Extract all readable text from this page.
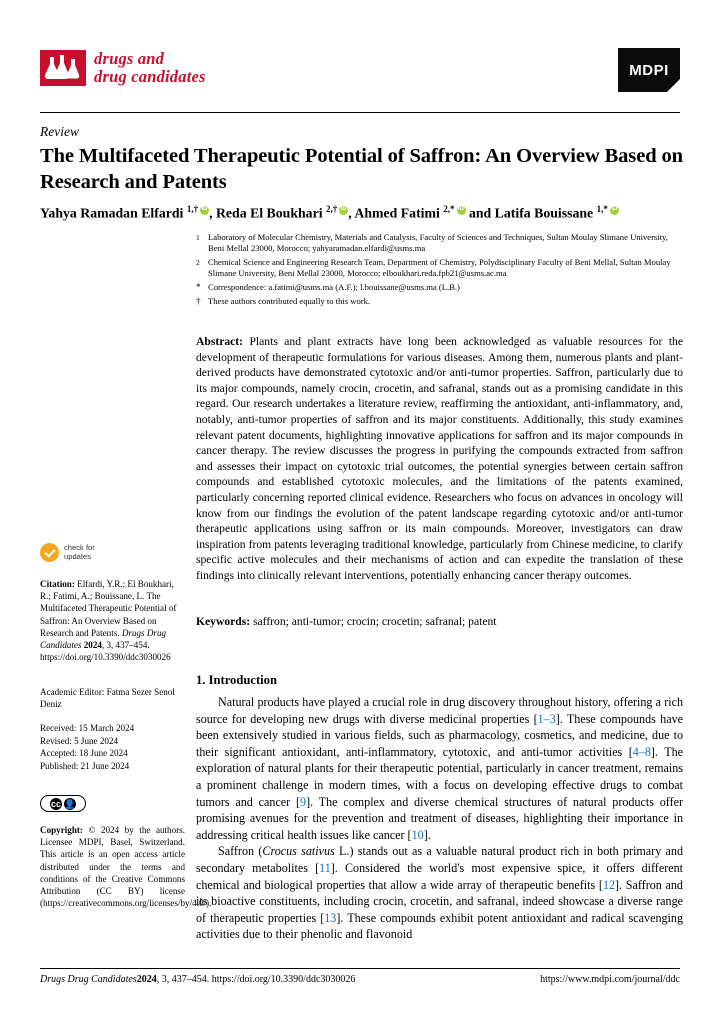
drugs and
drug candidates	MDPI
Review
The Multifaceted Therapeutic Potential of Saffron: An Overview Based on Research and Patents
Yahya Ramadan Elfardi $^{1,\dagger}$ iD , Reda El Boukhari $^{2,\dagger}$ iD , Ahmed Fatimi $^{2,*}$iD and Latifa Bouissane $^{1,*}$iD
1 Laboratory of Molecular Chemistry, Materials and Catalysis, Faculty of Sciences and Techniques, Sultan Moulay Slimane University, Beni Mellal 23000, Morocco; yahyaramadan.elfardi@usms.ma
2 Chemical Science and Engineering Research Team, Department of Chemistry, Polydisciplinary Faculty of Beni Mellal, Sultan Moulay Slimane University, Beni Mellal 23000, Morocco; elboukhari.reda.fpb21@usms.ac.ma
* Correspondence: a.fatimi@usms.ma (A.F.); l.bouissane@usms.ma (L.B.)
† These authors contributed equally to this work.
Abstract: Plants and plant extracts have long been acknowledged as valuable resources for the development of therapeutic formulations for various diseases. Among them, numerous plants and plant-derived products have demonstrated cytotoxic and/or anti-tumor properties. Saffron, particularly due to its major compounds, namely crocin, crocetin, and safranal, stands out as a promising candidate in this regard. Our research undertakes a literature review, reaffirming the antioxidant, anti-inflammatory, and, notably, anti-tumor properties of saffron and its major constituents. Additionally, this study examines relevant patent documents, highlighting innovative applications for saffron and its major compounds in cancer therapy. The review discusses the progress in purifying the compounds extracted from saffron and assesses their impact on cytotoxic trial outcomes, the potential synergies between certain saffron compounds and established cytotoxic molecules, and the limitations of the patents examined, particularly concerning reported clinical evidence. Researchers who focus on advances in oncology will know from our findings the evolution of the patent landscape regarding cytotoxic and/or anti-tumor therapeutic applications using saffron or its main compounds. Moreover, investigators can draw inspiration from patents leveraging traditional knowledge, particularly from Chinese medicine, to clarify specific active molecules and their mechanisms of action and can expedite the translation of these findings into clinically relevant interventions, potentially enhancing cancer therapy outcomes.
Keywords: saffron; anti-tumor; crocin; crocetin; safranal; patent
1. Introduction

Natural products have played a crucial role in drug discovery throughout history, offering a rich source for developing new drugs with diverse medicinal properties [1–3]. These compounds have been extensively studied in various fields, such as pharmacology, cosmetics, and medicine, due to their significant antioxidant, anti-inflammatory, cytotoxic, and anti-tumor activities [4–8]. The exploration of natural plants for their therapeutic potential, particularly in cancer treatment, remains a prominent challenge in modern times, with a focus on developing effective drugs to combat tumors and cancer [9]. The complex and diverse chemical structures of natural products offer promising avenues for the prevention and treatment of diseases, highlighting their importance in addressing critical health issues like cancer [10].

Saffron (Crocus sativus L.) stands out as a valuable natural product rich in both primary and secondary metabolites [11]. Considered the world's most expensive spice, it offers different chemical and biological properties that allow a wide array of therapeutic benefits [12]. Saffron and its bioactive constituents, including crocin, crocetin, and safranal, indeed showcase a diverse range of therapeutic properties [13]. These compounds exhibit potent antioxidant and radical scavenging activities due to their phenolic and flavonoid

check for
updates
Citation: Elfardi, Y.R.; El Boukhari, R.; Fatimi, A.; Bouissane, L. The Multifaceted Therapeutic Potential of Saffron: An Overview Based on Research and Patents. Drugs Drug Candidates 2024, 3, 437–454. https://doi.org/10.3390/ddc3030026
Academic Editor: Fatma Sezer Senol Deniz
Received: 15 March 2024
Revised: 5 June 2024
Accepted: 18 June 2024
Published: 21 June 2024
cc 👤
Copyright: © 2024 by the authors. Licensee MDPI, Basel, Switzerland. This article is an open access article distributed under the terms and conditions of the Creative Commons Attribution (CC BY) license (https://creativecommons.org/licenses/by/4.0/).
Drugs Drug Candidates2024, 3, 437–454. https://doi.org/10.3390/ddc3030026	https://www.mdpi.com/journal/ddc
